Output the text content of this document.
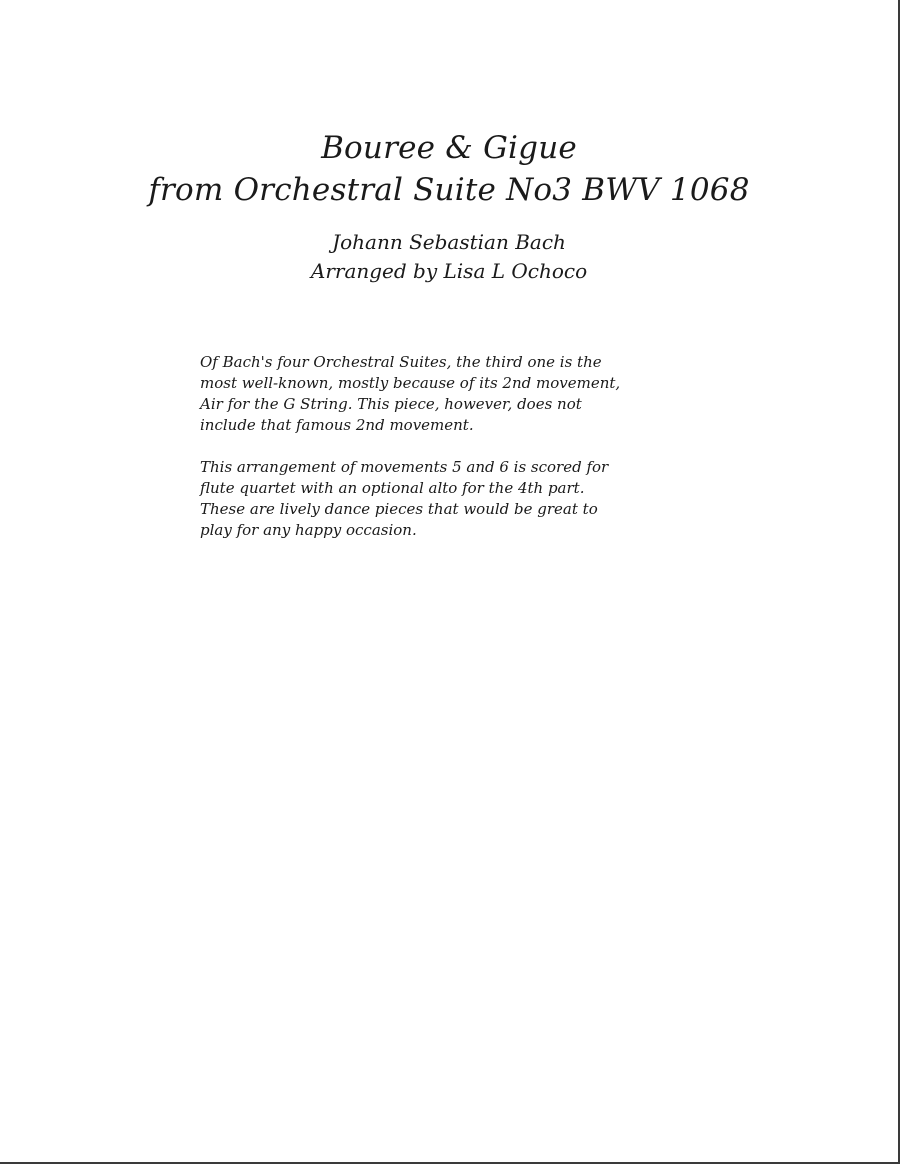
Bouree & Gigue
from Orchestral Suite No3 BWV 1068
Johann Sebastian Bach
Arranged by Lisa L Ochoco

Of Bach's four Orchestral Suites, the third one is the
most well-known, mostly because of its 2nd movement,
Air for the G String. This piece, however, does not
include that famous 2nd movement.

This arrangement of movements 5 and 6 is scored for
flute quartet with an optional alto for the 4th part.
These are lively dance pieces that would be great to
play for any happy occasion.
